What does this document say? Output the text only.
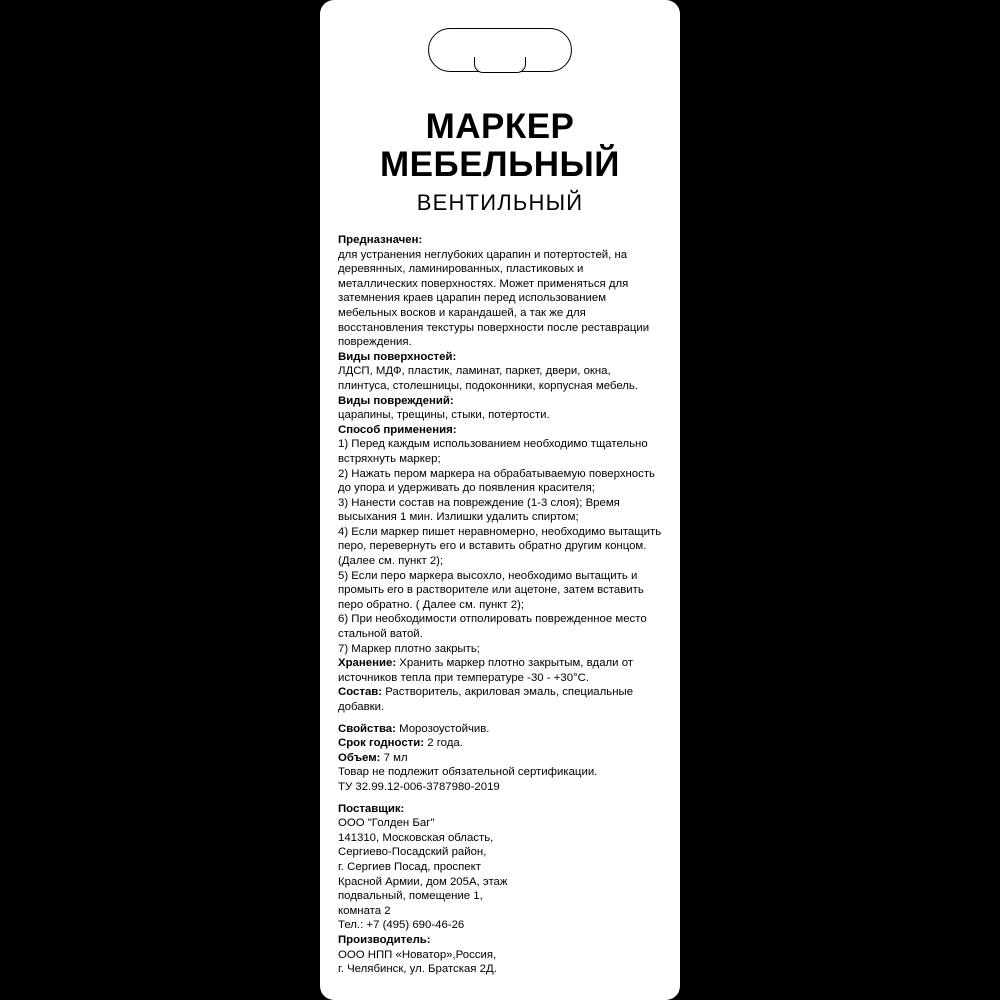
МАРКЕР
МЕБЕЛЬНЫЙ
ВЕНТИЛЬНЫЙ

Предназначен:

для устранения неглубоких царапин и потертостей, на деревянных, ламинированных, пластиковых и металлических поверхностях. Может применяться для затемнения краев царапин перед использованием мебельных восков и карандашей, а так же для восстановления текстуры поверхности после реставрации повреждения.

Виды поверхностей:

ЛДСП, МДФ, пластик, ламинат, паркет, двери, окна, плинтуса, столешницы, подоконники, корпусная мебель.

Виды повреждений:

царапины, трещины, стыки, потертости.

Способ применения:

1) Перед каждым использованием необходимо тщательно встряхнуть маркер;

2) Нажать пером маркера на обрабатываемую поверхность до упора и удерживать до появления красителя;

3) Нанести состав на повреждение (1-3 слоя); Время высыхания 1 мин. Излишки удалить спиртом;

4) Если маркер пишет неравномерно, необходимо вытащить перо, перевернуть его и вставить обратно другим концом. (Далее см. пункт 2);

5) Если перо маркера высохло, необходимо вытащить и промыть его в растворителе или ацетоне, затем вставить перо обратно. ( Далее см. пункт 2);

6) При необходимости отполировать поврежденное место стальной ватой.

7) Маркер плотно закрыть;

Хранение: Хранить маркер плотно закрытым, вдали от источников тепла при температуре -30 - +30°С.

Состав: Растворитель, акриловая эмаль, специальные добавки.

Свойства: Морозоустойчив.

Срок годности: 2 года.

Объем: 7 мл

Товар не подлежит обязательной сертификации.

ТУ 32.99.12-006-3787980-2019

Поставщик:

ООО "Голден Баг"

141310, Московская область,

Сергиево-Посадский район,

г. Сергиев Посад, проспект

Красной Армии, дом 205А, этаж

подвальный, помещение 1,

комната 2

Тел.: +7 (495) 690-46-26

Производитель:

ООО НПП «Новатор»,Россия,

г. Челябинск, ул. Братская 2Д.
